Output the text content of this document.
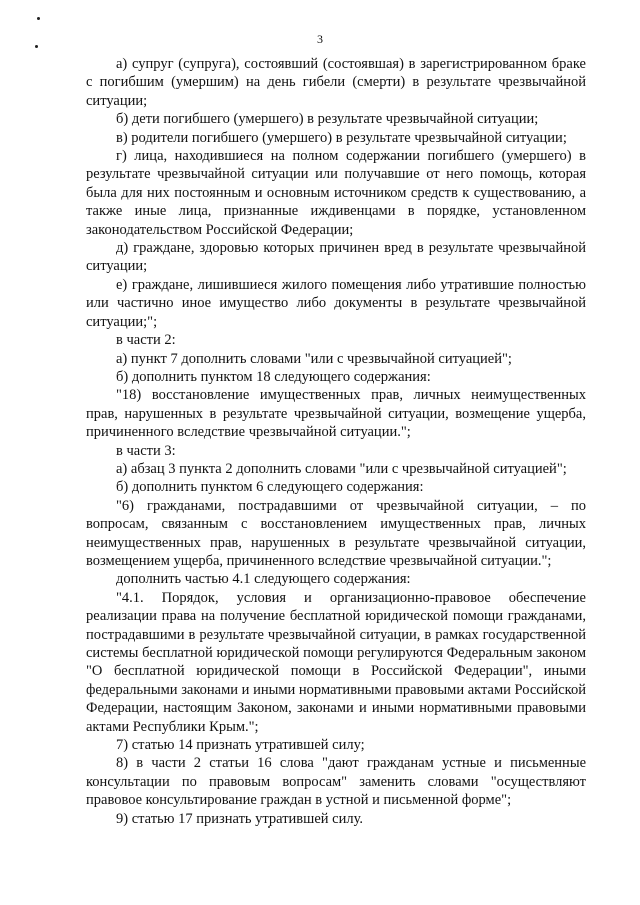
3

а) супруг (супруга), состоявший (состоявшая) в зарегистрированном браке с погибшим (умершим) на день гибели (смерти) в результате чрезвычайной ситуации;

б) дети погибшего (умершего) в результате чрезвычайной ситуации;

в) родители погибшего (умершего) в результате чрезвычайной ситуации;

г) лица, находившиеся на полном содержании погибшего (умершего) в результате чрезвычайной ситуации или получавшие от него помощь, которая была для них постоянным и основным источником средств к существованию, а также иные лица, признанные иждивенцами в порядке, установленном законодательством Российской Федерации;

д) граждане, здоровью которых причинен вред в результате чрезвычайной ситуации;

е) граждане, лишившиеся жилого помещения либо утратившие полностью или частично иное имущество либо документы в результате чрезвычайной ситуации;";

в части 2:

а) пункт 7 дополнить словами "или с чрезвычайной ситуацией";

б) дополнить пунктом 18 следующего содержания:

"18) восстановление имущественных прав, личных неимущественных прав, нарушенных в результате чрезвычайной ситуации, возмещение ущерба, причиненного вследствие чрезвычайной ситуации.";

в части 3:

а) абзац 3 пункта 2 дополнить словами "или с чрезвычайной ситуацией";

б) дополнить пунктом 6 следующего содержания:

"6) гражданами, пострадавшими от чрезвычайной ситуации, – по вопросам, связанным с восстановлением имущественных прав, личных неимущественных прав, нарушенных в результате чрезвычайной ситуации, возмещением ущерба, причиненного вследствие чрезвычайной ситуации.";

дополнить частью 4.1 следующего содержания:

"4.1. Порядок, условия и организационно-правовое обеспечение реализации права на получение бесплатной юридической помощи гражданами, пострадавшими в результате чрезвычайной ситуации, в рамках государственной системы бесплатной юридической помощи регулируются Федеральным законом "О бесплатной юридической помощи в Российской Федерации", иными федеральными законами и иными нормативными правовыми актами Российской Федерации, настоящим Законом, законами и иными нормативными правовыми актами Республики Крым.";

7) статью 14 признать утратившей силу;

8) в части 2 статьи 16 слова "дают гражданам устные и письменные консультации по правовым вопросам" заменить словами "осуществляют правовое консультирование граждан в устной и письменной форме";

9) статью 17 признать утратившей силу.
